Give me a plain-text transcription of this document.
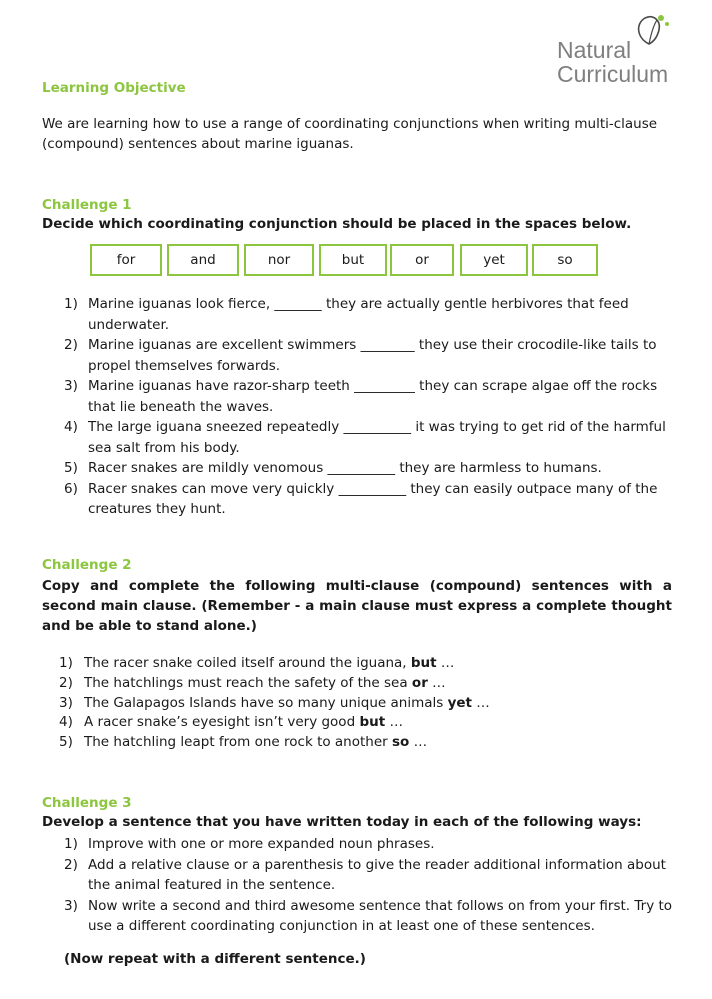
Natural
Curriculum
Learning Objective

We are learning how to use a range of coordinating conjunctions when writing multi-clause (compound) sentences about marine iguanas.

Challenge 1

Decide which coordinating conjunction should be placed in the spaces below.

for	and	nor	but	or	yet	so
1) Marine iguanas look fierce, _______ they are actually gentle herbivores that feed underwater.
2) Marine iguanas are excellent swimmers ________ they use their crocodile-like tails to propel themselves forwards.
3) Marine iguanas have razor-sharp teeth _________ they can scrape algae off the rocks that lie beneath the waves.
4) The large iguana sneezed repeatedly __________ it was trying to get rid of the harmful sea salt from his body.
5) Racer snakes are mildly venomous __________ they are harmless to humans.
6) Racer snakes can move very quickly __________ they can easily outpace many of the creatures they hunt.
Challenge 2

Copy and complete the following multi-clause (compound) sentences with a second main clause. (Remember - a main clause must express a complete thought and be able to stand alone.)

1) The racer snake coiled itself around the iguana, but …
2) The hatchlings must reach the safety of the sea or …
3) The Galapagos Islands have so many unique animals yet …
4) A racer snake’s eyesight isn’t very good but …
5) The hatchling leapt from one rock to another so …
Challenge 3

Develop a sentence that you have written today in each of the following ways:

1) Improve with one or more expanded noun phrases.
2) Add a relative clause or a parenthesis to give the reader additional information about the animal featured in the sentence.
3) Now write a second and third awesome sentence that follows on from your first. Try to use a different coordinating conjunction in at least one of these sentences.

(Now repeat with a different sentence.)
